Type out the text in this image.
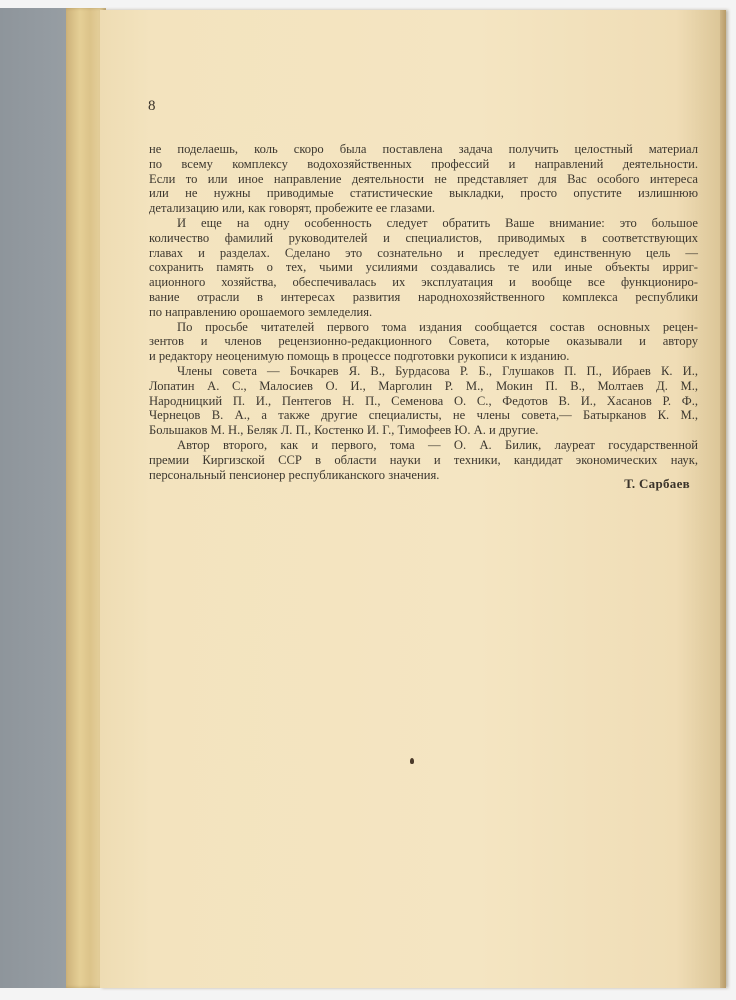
8
не поделаешь, коль скоро была поставлена задача получить целостный материал
по всему комплексу водохозяйственных профессий и направлений деятельности.
Если то или иное направление деятельности не представляет для Вас особого интереса
или не нужны приводимые статистические выкладки, просто опустите излишнюю
детализацию или, как говорят, пробежите ее глазами.
И еще на одну особенность следует обратить Ваше внимание: это большое
количество фамилий руководителей и специалистов, приводимых в соответствующих
главах и разделах. Сделано это сознательно и преследует единственную цель —
сохранить память о тех, чьими усилиями создавались те или иные объекты ирриг-
ационного хозяйства, обеспечивалась их эксплуатация и вообще все функциониро-
вание отрасли в интересах развития народнохозяйственного комплекса республики
по направлению орошаемого земледелия.
По просьбе читателей первого тома издания сообщается состав основных рецен-
зентов и членов рецензионно-редакционного Совета, которые оказывали и автору
и редактору неоценимую помощь в процессе подготовки рукописи к изданию.
Члены совета — Бочкарев Я. В., Бурдасова Р. Б., Глушаков П. П., Ибраев К. И.,
Лопатин А. С., Малосиев О. И., Марголин Р. М., Мокин П. В., Молтаев Д. М.,
Народницкий П. И., Пентегов Н. П., Семенова О. С., Федотов В. И., Хасанов Р. Ф.,
Чернецов В. А., а также другие специалисты, не члены совета,— Батырканов К. М.,
Большаков М. Н., Беляк Л. П., Костенко И. Г., Тимофеев Ю. А. и другие.
Автор второго, как и первого, тома — О. А. Билик, лауреат государственной
премии Киргизской ССР в области науки и техники, кандидат экономических наук,
персональный пенсионер республиканского значения.
Т. Сарбаев
